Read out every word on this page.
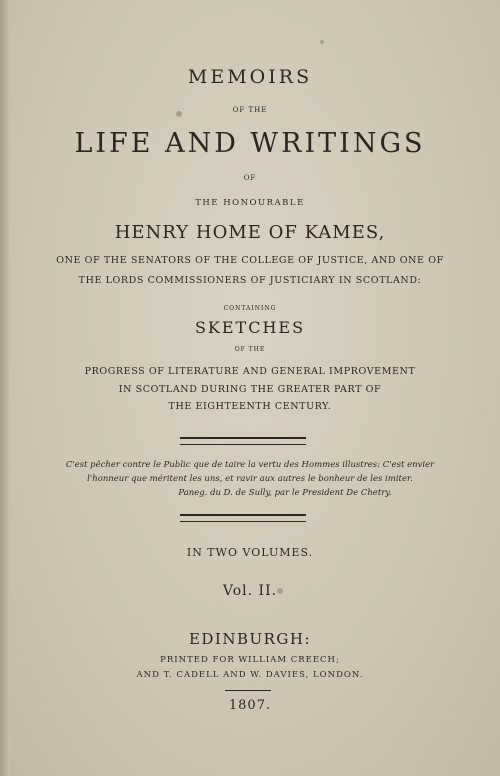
MEMOIRS
OF THE
LIFE AND WRITINGS
OF
THE HONOURABLE
HENRY HOME OF KAMES,
ONE OF THE SENATORS OF THE COLLEGE OF JUSTICE, AND ONE OF
THE LORDS COMMISSIONERS OF JUSTICIARY IN SCOTLAND:
CONTAINING
SKETCHES
OF THE
PROGRESS OF LITERATURE AND GENERAL IMPROVEMENT
IN SCOTLAND DURING THE GREATER PART OF
THE EIGHTEENTH CENTURY.
C'est pêcher contre le Public que de taire la vertu des Hommes illustres: C'est envier
l'honneur que méritent les uns, et ravir aux autres le bonheur de les imiter.
Paneg. du D. de Sully, par le President De Chetry.
IN TWO VOLUMES.
Vol. II.
EDINBURGH:
PRINTED FOR WILLIAM CREECH;
AND T. CADELL AND W. DAVIES, LONDON.
1807.
